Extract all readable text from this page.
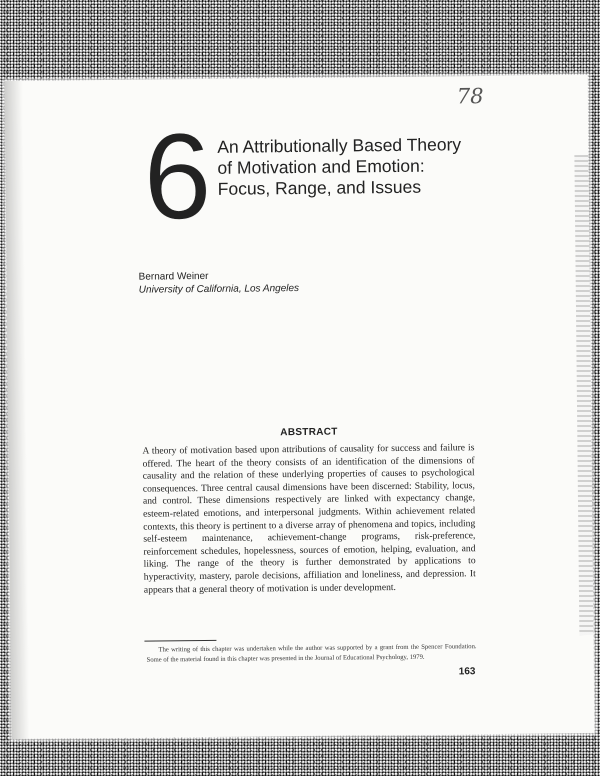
78
6 An Attributionally Based Theory
of Motivation and Emotion:
Focus, Range, and Issues
Bernard Weiner
University of California, Los Angeles
ABSTRACT

A theory of motivation based upon attributions of causality for success and failure is offered. The heart of the theory consists of an identification of the dimensions of causality and the relation of these underlying properties of causes to psychological consequences. Three central causal dimensions have been discerned: Stability, locus, and control. These dimensions respectively are linked with expectancy change, esteem-related emotions, and interpersonal judgments. Within achievement related contexts, this theory is pertinent to a diverse array of phenomena and topics, including self-esteem maintenance, achievement-change programs, risk-preference, reinforcement schedules, hopelessness, sources of emotion, helping, evaluation, and liking. The range of the theory is further demonstrated by applications to hyperactivity, mastery, parole decisions, affiliation and loneliness, and depression. It appears that a general theory of motivation is under development.

The writing of this chapter was undertaken while the author was supported by a grant from the Spencer Foundation. Some of the material found in this chapter was presented in the Journal of Educational Psychology, 1979.

163
